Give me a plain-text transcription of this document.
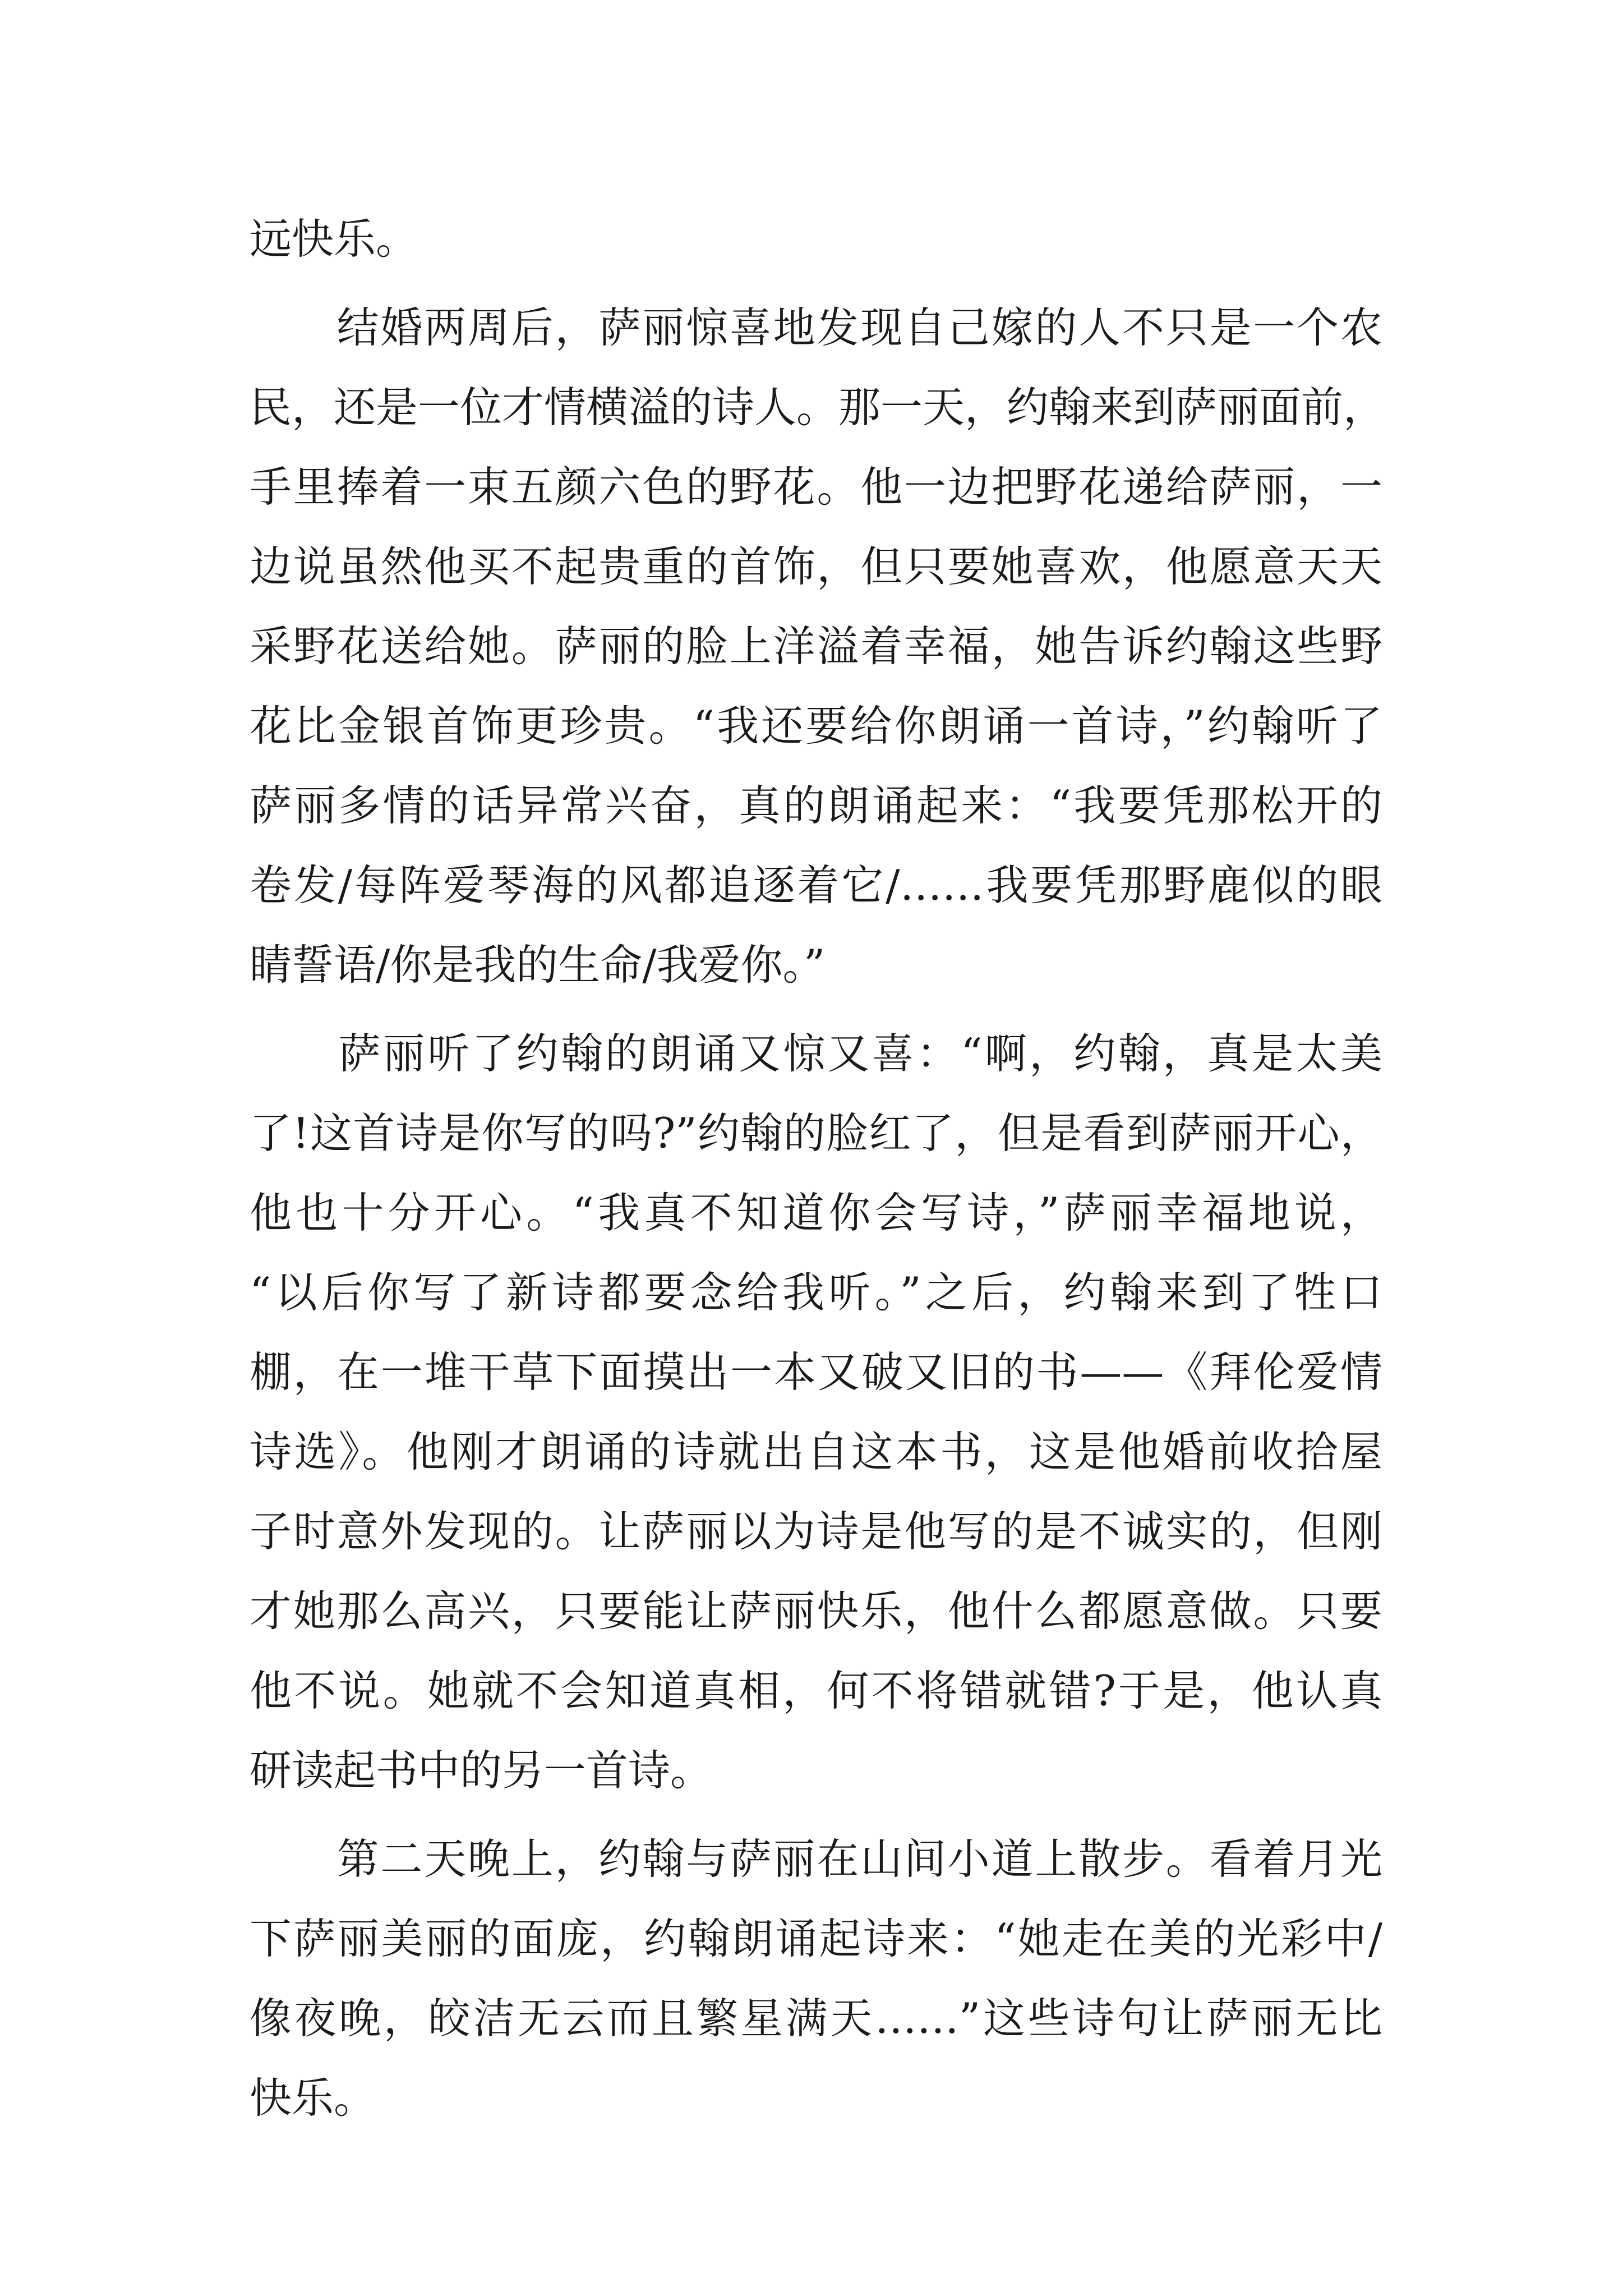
远快乐。
　　结婚两周后，萨丽惊喜地发现自己嫁的人不只是一个农
民，还是一位才情横溢的诗人。那一天，约翰来到萨丽面前，
手里捧着一束五颜六色的野花。他一边把野花递给萨丽，一
边说虽然他买不起贵重的首饰，但只要她喜欢，他愿意天天
采野花送给她。萨丽的脸上洋溢着幸福，她告诉约翰这些野
花比金银首饰更珍贵。“我还要给你朗诵一首诗，”约翰听了
萨丽多情的话异常兴奋，真的朗诵起来：“我要凭那松开的
卷发/每阵爱琴海的风都追逐着它/……我要凭那野鹿似的眼
睛誓语/你是我的生命/我爱你。”
　　萨丽听了约翰的朗诵又惊又喜：“啊，约翰，真是太美
了!这首诗是你写的吗?”约翰的脸红了，但是看到萨丽开心，
他也十分开心。“我真不知道你会写诗，”萨丽幸福地说，
“以后你写了新诗都要念给我听。”之后，约翰来到了牲口
棚，在一堆干草下面摸出一本又破又旧的书——《拜伦爱情
诗选》。他刚才朗诵的诗就出自这本书，这是他婚前收拾屋
子时意外发现的。让萨丽以为诗是他写的是不诚实的，但刚
才她那么高兴，只要能让萨丽快乐，他什么都愿意做。只要
他不说。她就不会知道真相，何不将错就错?于是，他认真
研读起书中的另一首诗。
　　第二天晚上，约翰与萨丽在山间小道上散步。看着月光
下萨丽美丽的面庞，约翰朗诵起诗来：“她走在美的光彩中/
像夜晚，皎洁无云而且繁星满天……”这些诗句让萨丽无比
快乐。
